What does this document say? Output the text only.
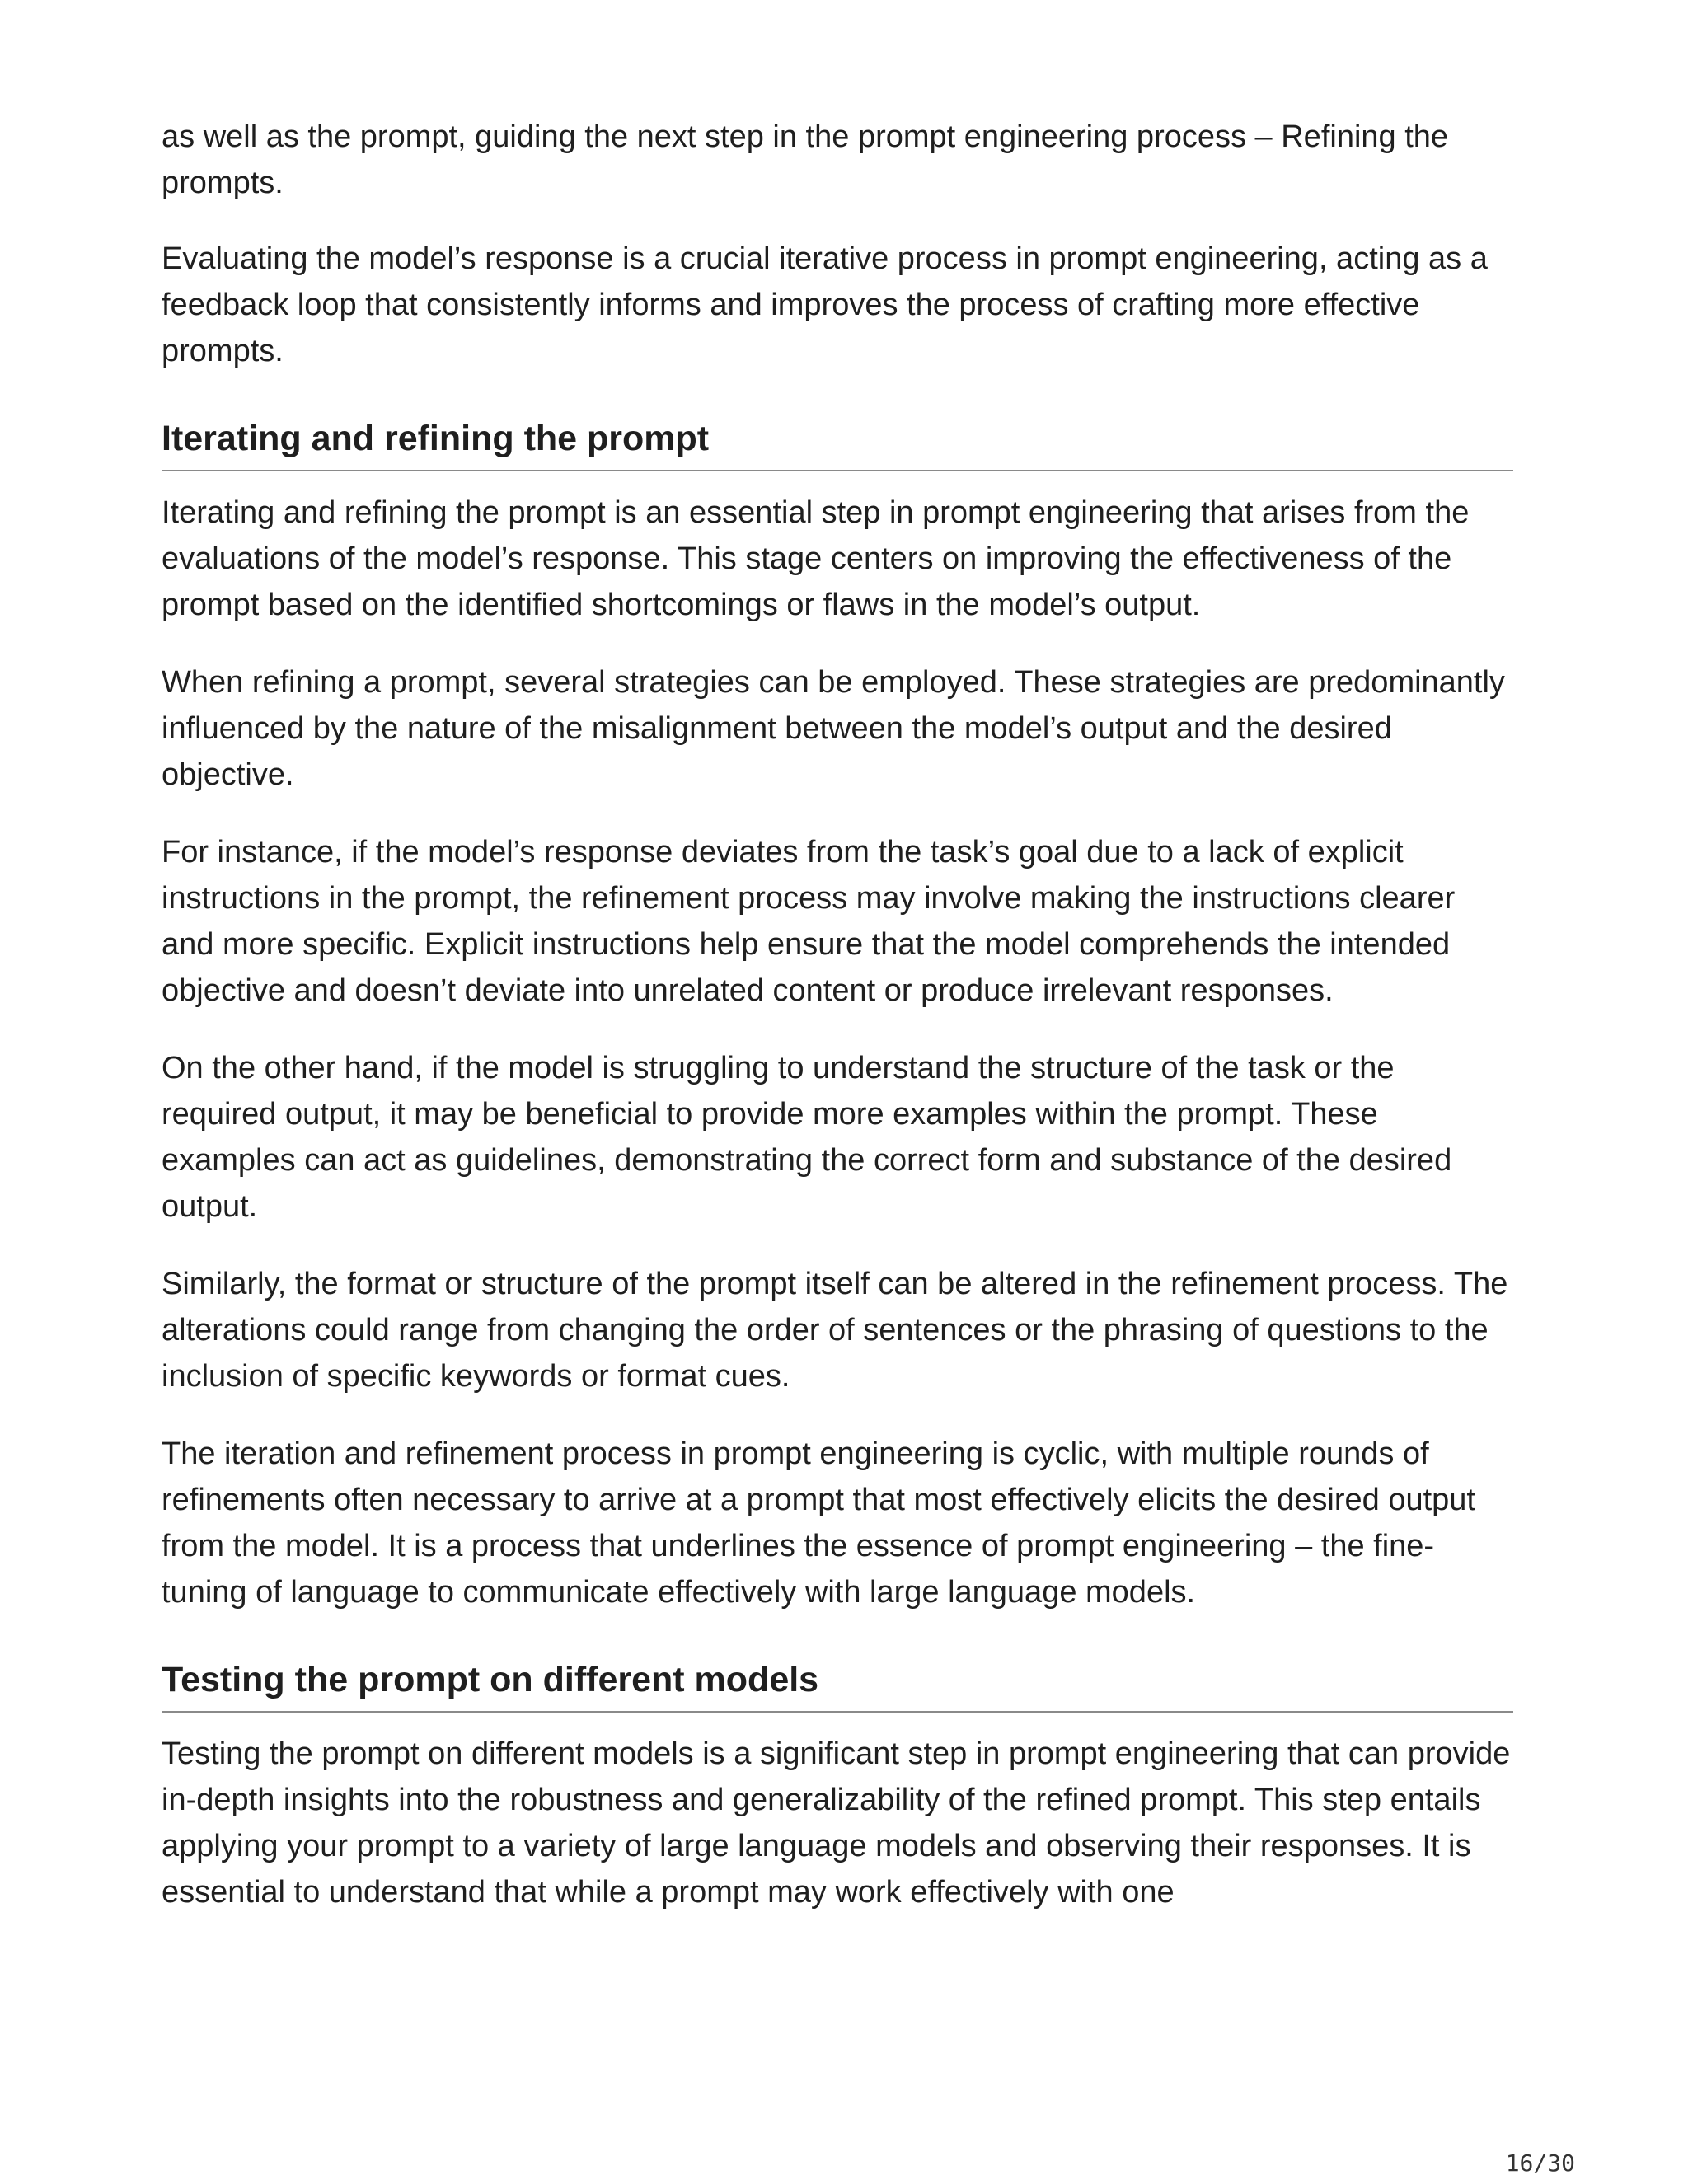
as well as the prompt, guiding the next step in the prompt engineering process – Refining the prompts.

Evaluating the model’s response is a crucial iterative process in prompt engineering, acting as a feedback loop that consistently informs and improves the process of crafting more effective prompts.

Iterating and refining the prompt

Iterating and refining the prompt is an essential step in prompt engineering that arises from the evaluations of the model’s response. This stage centers on improving the effectiveness of the prompt based on the identified shortcomings or flaws in the model’s output.

When refining a prompt, several strategies can be employed. These strategies are predominantly influenced by the nature of the misalignment between the model’s output and the desired objective.

For instance, if the model’s response deviates from the task’s goal due to a lack of explicit instructions in the prompt, the refinement process may involve making the instructions clearer and more specific. Explicit instructions help ensure that the model comprehends the intended objective and doesn’t deviate into unrelated content or produce irrelevant responses.

On the other hand, if the model is struggling to understand the structure of the task or the required output, it may be beneficial to provide more examples within the prompt. These examples can act as guidelines, demonstrating the correct form and substance of the desired output.

Similarly, the format or structure of the prompt itself can be altered in the refinement process. The alterations could range from changing the order of sentences or the phrasing of questions to the inclusion of specific keywords or format cues.

The iteration and refinement process in prompt engineering is cyclic, with multiple rounds of refinements often necessary to arrive at a prompt that most effectively elicits the desired output from the model. It is a process that underlines the essence of prompt engineering – the fine-tuning of language to communicate effectively with large language models.

Testing the prompt on different models

Testing the prompt on different models is a significant step in prompt engineering that can provide in-depth insights into the robustness and generalizability of the refined prompt. This step entails applying your prompt to a variety of large language models and observing their responses. It is essential to understand that while a prompt may work effectively with one

16/30
